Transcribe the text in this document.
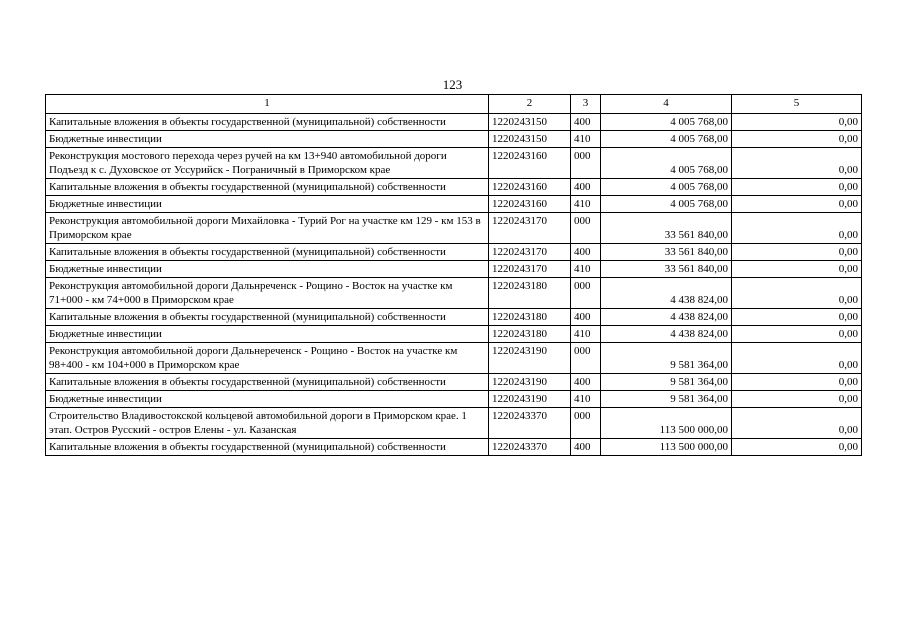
123
1	2	3	4	5
Капитальные вложения в объекты государственной (муниципальной) собственности	1220243150	400	4 005 768,00	0,00
Бюджетные инвестиции	1220243150	410	4 005 768,00	0,00
Реконструкция мостового перехода через ручей на км 13+940 автомобильной дороги Подъезд к с. Духовское от Уссурийск - Пограничный в Приморском крае	1220243160	000	4 005 768,00	0,00
Капитальные вложения в объекты государственной (муниципальной) собственности	1220243160	400	4 005 768,00	0,00
Бюджетные инвестиции	1220243160	410	4 005 768,00	0,00
Реконструкция автомобильной дороги Михайловка - Турий Рог на участке км 129 - км 153 в Приморском крае	1220243170	000	33 561 840,00	0,00
Капитальные вложения в объекты государственной (муниципальной) собственности	1220243170	400	33 561 840,00	0,00
Бюджетные инвестиции	1220243170	410	33 561 840,00	0,00
Реконструкция автомобильной дороги Дальнреченск - Рощино - Восток на участке км 71+000 - км 74+000 в Приморском крае	1220243180	000	4 438 824,00	0,00
Капитальные вложения в объекты государственной (муниципальной) собственности	1220243180	400	4 438 824,00	0,00
Бюджетные инвестиции	1220243180	410	4 438 824,00	0,00
Реконструкция автомобильной дороги Дальнереченск - Рощино - Восток на участке км 98+400 - км 104+000 в Приморском крае	1220243190	000	9 581 364,00	0,00
Капитальные вложения в объекты государственной (муниципальной) собственности	1220243190	400	9 581 364,00	0,00
Бюджетные инвестиции	1220243190	410	9 581 364,00	0,00
Строительство Владивостокской кольцевой автомобильной дороги в Приморском крае. 1 этап. Остров Русский - остров Елены - ул. Казанская	1220243370	000	113 500 000,00	0,00
Капитальные вложения в объекты государственной (муниципальной) собственности	1220243370	400	113 500 000,00	0,00
